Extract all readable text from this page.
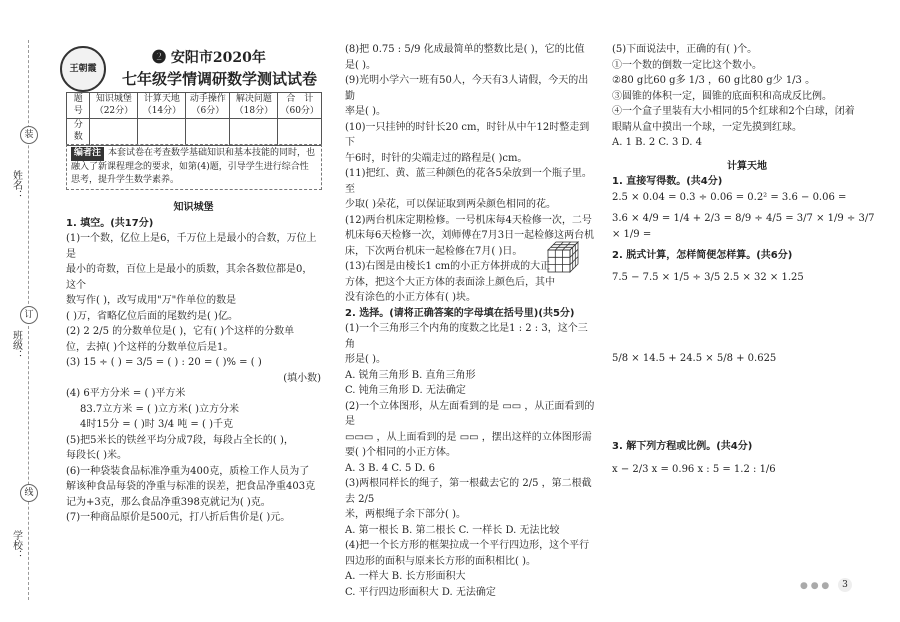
姓名：
班级：
学校：
装
订
线
王朝霞
❷ 安阳市2020年
七年级学情调研数学测试试卷
题　号	知识城堡（22分）	计算天地（14分）	动手操作（6分）	解决问题（18分）	合　计（60分）
分　数					
编者注 本套试卷在考查数学基础知识和基本技能的同时，也融入了新课程理念的要求，如第(4)题，引导学生进行综合性思考，提升学生数学素养。

知识城堡

1. 填空。(共17分)

(1)一个数，亿位上是6，千万位上是最小的合数，万位上是

最小的奇数，百位上是最小的质数，其余各数位都是0，这个

数写作( )，改写成用"万"作单位的数是

( )万，省略亿位后面的尾数约是( )亿。

(2) 2 2/5 的分数单位是( )，它有( )个这样的分数单

位，去掉( )个这样的分数单位后是1。

(3) 15 ÷ ( ) = 3/5 = ( ) : 20 = ( )% = ( )

(填小数)

(4) 6平方分米 = ( )平方米

83.7立方米 = ( )立方米( )立方分米

4时15分 = ( )时 3/4 吨 = ( )千克

(5)把5米长的铁丝平均分成7段，每段占全长的( )，

每段长( )米。

(6)一种袋装食品标准净重为400克，质检工作人员为了

解该种食品每袋的净重与标准的误差，把食品净重403克

记为+3克，那么食品净重398克就记为( )克。

(7)一种商品原价是500元，打八折后售价是( )元。

(8)把 0.75 : 5/9 化成最简单的整数比是( )，它的比值

是( )。

(9)光明小学六一班有50人，今天有3人请假，今天的出勤

率是( )。

(10)一只挂钟的时针长20 cm，时针从中午12时整走到下

午6时，时针的尖端走过的路程是( )cm。

(11)把红、黄、蓝三种颜色的花各5朵放到一个瓶子里。至

少取( )朵花，可以保证取到两朵颜色相同的花。

(12)两台机床定期检修。一号机床每4天检修一次，二号

机床每6天检修一次，刘师傅在7月3日一起检修这两台机

床，下次两台机床一起检修在7月( )日。

(13)右图是由棱长1 cm的小正方体拼成的大正

方体，把这个大正方体的表面涂上颜色后，其中

没有涂色的小正方体有( )块。

2. 选择。(请将正确答案的字母填在括号里)(共5分)

(1)一个三角形三个内角的度数之比是1 : 2 : 3，这个三角

形是( )。

A. 锐角三角形 B. 直角三角形

C. 钝角三角形 D. 无法确定

(2)一个立体图形，从左面看到的是 ▭▭ ，从正面看到的是

▭▭▭ ，从上面看到的是 ▭▭ ，摆出这样的立体图形需

要( )个相同的小正方体。

A. 3 B. 4 C. 5 D. 6

(3)两根同样长的绳子，第一根截去它的 2/5 ，第二根截去 2/5

米，两根绳子余下部分( )。

A. 第一根长 B. 第二根长 C. 一样长 D. 无法比较

(4)把一个长方形的框架拉成一个平行四边形，这个平行

四边形的面积与原来长方形的面积相比( )。

A. 一样大 B. 长方形面积大

C. 平行四边形面积大 D. 无法确定

(5)下面说法中，正确的有( )个。

①一个数的倒数一定比这个数小。

②80 g比60 g多 1/3 ，60 g比80 g少 1/3 。

③圆锥的体积一定，圆锥的底面积和高成反比例。

④一个盒子里装有大小相同的5个红球和2个白球，闭着

眼睛从盒中摸出一个球，一定先摸到红球。

A. 1 B. 2 C. 3 D. 4

计算天地

1. 直接写得数。(共4分)

2.5 × 0.04 = 0.3 ÷ 0.06 = 0.2² = 3.6 − 0.06 =

3.6 × 4/9 = 1/4 + 2/3 = 8/9 ÷ 4/5 = 3/7 × 1/9 ÷ 3/7 × 1/9 =

2. 脱式计算，怎样简便怎样算。(共6分)

7.5 − 7.5 × 1/5 ÷ 3/5 2.5 × 32 × 1.25

5/8 × 14.5 + 24.5 × 5/8 + 0.625

3. 解下列方程或比例。(共4分)

x − 2/3 x = 0.96 x : 5 = 1.2 : 1/6

● ● ●	3
